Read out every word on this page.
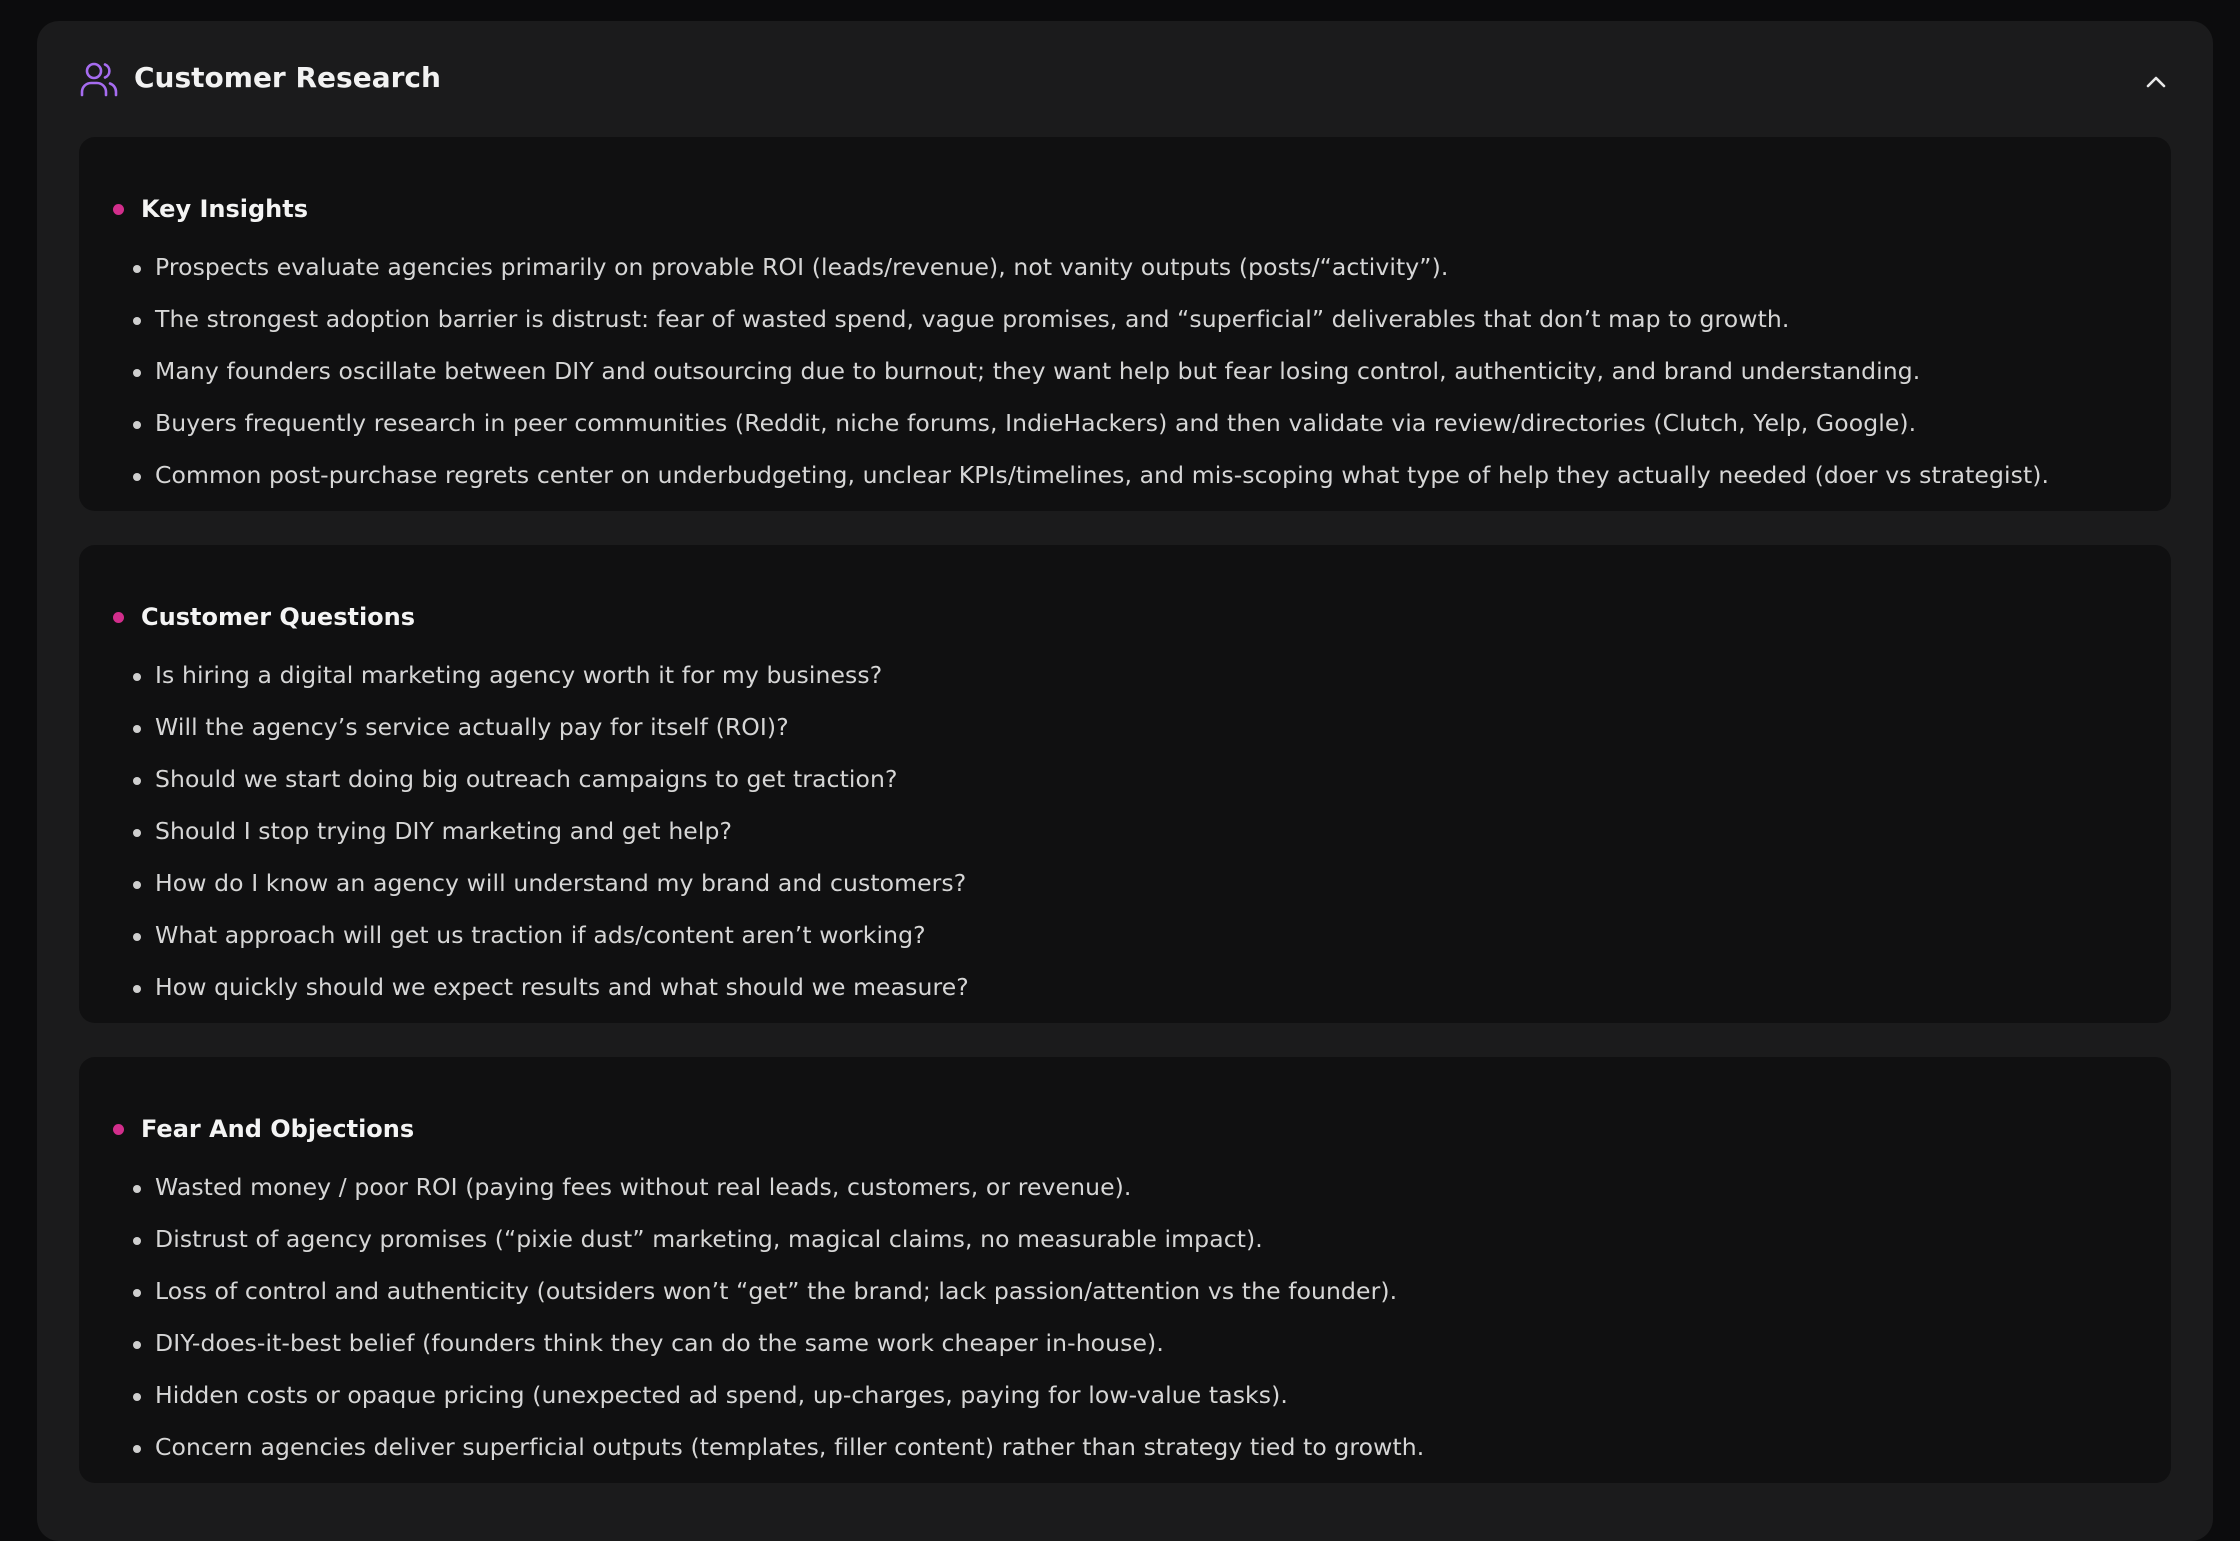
Customer Research
Key Insights
Prospects evaluate agencies primarily on provable ROI (leads/revenue), not vanity outputs (posts/“activity”).
The strongest adoption barrier is distrust: fear of wasted spend, vague promises, and “superficial” deliverables that don’t map to growth.
Many founders oscillate between DIY and outsourcing due to burnout; they want help but fear losing control, authenticity, and brand understanding.
Buyers frequently research in peer communities (Reddit, niche forums, IndieHackers) and then validate via review/directories (Clutch, Yelp, Google).
Common post-purchase regrets center on underbudgeting, unclear KPIs/timelines, and mis-scoping what type of help they actually needed (doer vs strategist).
Customer Questions
Is hiring a digital marketing agency worth it for my business?
Will the agency’s service actually pay for itself (ROI)?
Should we start doing big outreach campaigns to get traction?
Should I stop trying DIY marketing and get help?
How do I know an agency will understand my brand and customers?
What approach will get us traction if ads/content aren’t working?
How quickly should we expect results and what should we measure?
Fear And Objections
Wasted money / poor ROI (paying fees without real leads, customers, or revenue).
Distrust of agency promises (“pixie dust” marketing, magical claims, no measurable impact).
Loss of control and authenticity (outsiders won’t “get” the brand; lack passion/attention vs the founder).
DIY-does-it-best belief (founders think they can do the same work cheaper in-house).
Hidden costs or opaque pricing (unexpected ad spend, up-charges, paying for low-value tasks).
Concern agencies deliver superficial outputs (templates, filler content) rather than strategy tied to growth.
